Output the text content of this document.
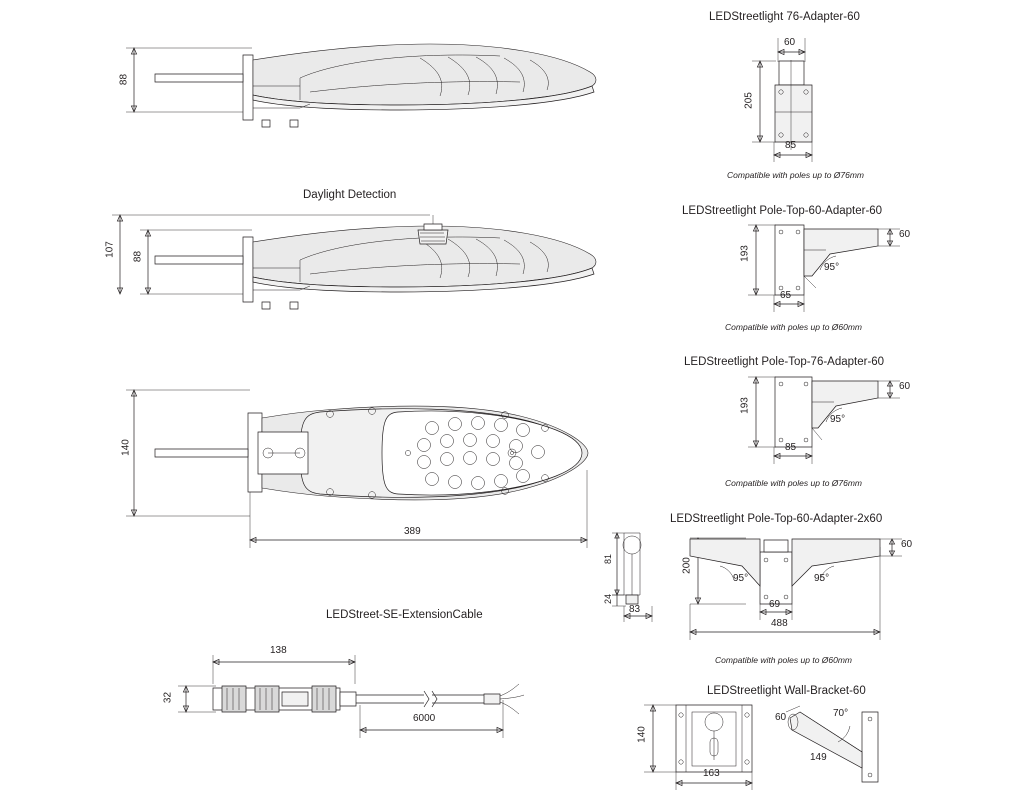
88
Daylight Detection
107 88
140
389
LEDStreet-SE-ExtensionCable
138
32
6000
LEDStreetlight 76-Adapter-60
60
205
85
Compatible with poles up to Ø76mm
LEDStreetlight Pole-Top-60-Adapter-60
193
65
60
95°
Compatible with poles up to Ø60mm
LEDStreetlight Pole-Top-76-Adapter-60
193
85
60
95°
Compatible with poles up to Ø76mm
LEDStreetlight Pole-Top-60-Adapter-2x60
200
69
488
60
95°
95°
81
24
83
Compatible with poles up to Ø60mm
LEDStreetlight Wall-Bracket-60
140
163
60	70°
149
